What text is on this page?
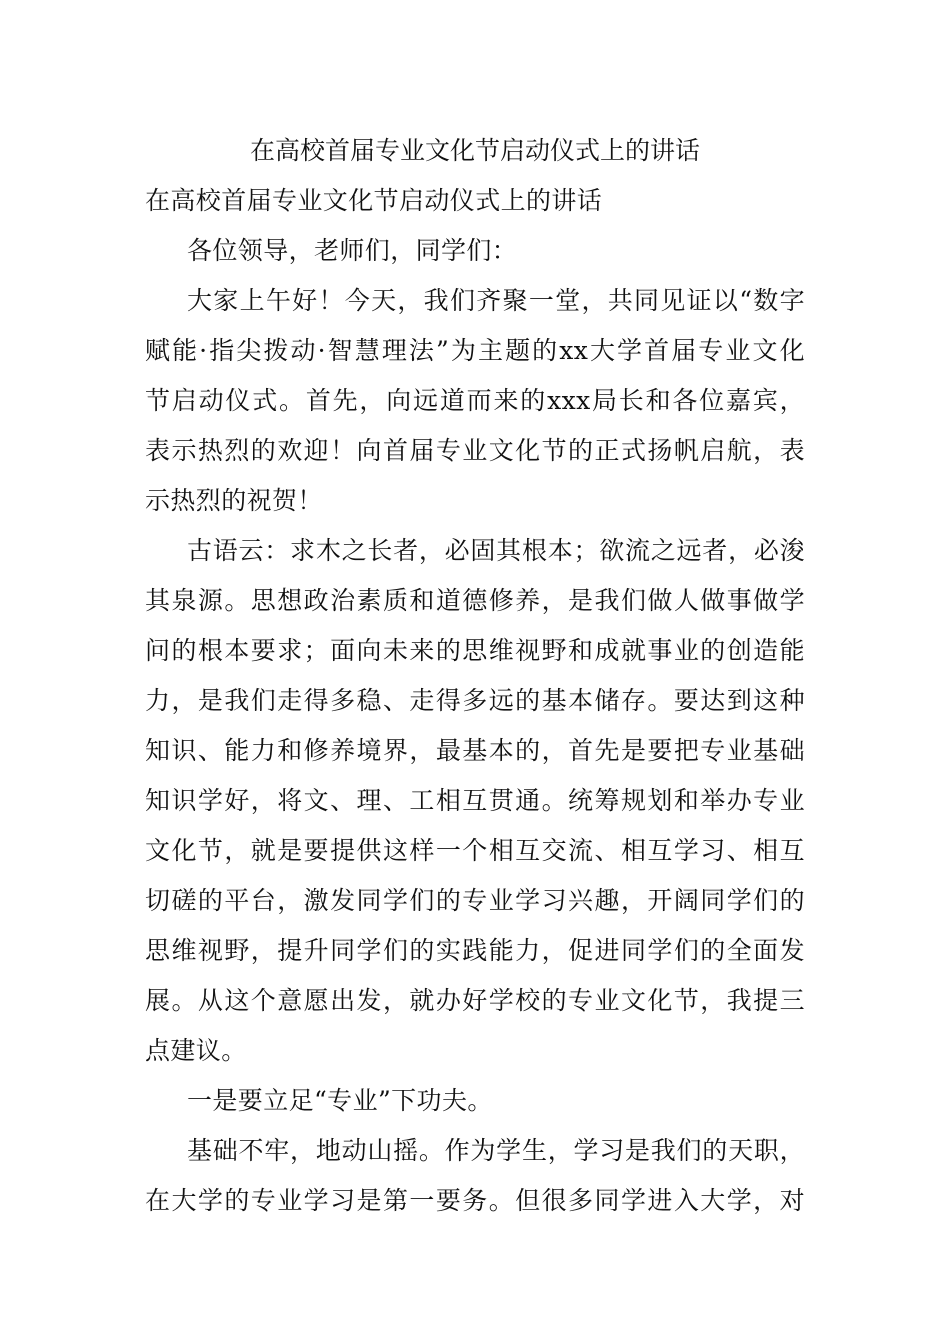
在高校首届专业文化节启动仪式上的讲话
在高校首届专业文化节启动仪式上的讲话
各位领导，老师们，同学们：
大家上午好！今天，我们齐聚一堂，共同见证以“数字
赋能·指尖拨动·智慧理法”为主题的xx大学首届专业文化
节启动仪式。首先，向远道而来的xxx局长和各位嘉宾，
表示热烈的欢迎！向首届专业文化节的正式扬帆启航，表
示热烈的祝贺！
古语云：求木之长者，必固其根本；欲流之远者，必浚
其泉源。思想政治素质和道德修养，是我们做人做事做学
问的根本要求；面向未来的思维视野和成就事业的创造能
力，是我们走得多稳、走得多远的基本储存。要达到这种
知识、能力和修养境界，最基本的，首先是要把专业基础
知识学好，将文、理、工相互贯通。统筹规划和举办专业
文化节，就是要提供这样一个相互交流、相互学习、相互
切磋的平台，激发同学们的专业学习兴趣，开阔同学们的
思维视野，提升同学们的实践能力，促进同学们的全面发
展。从这个意愿出发，就办好学校的专业文化节，我提三
点建议。
一是要立足“专业”下功夫。
基础不牢，地动山摇。作为学生，学习是我们的天职，
在大学的专业学习是第一要务。但很多同学进入大学，对
